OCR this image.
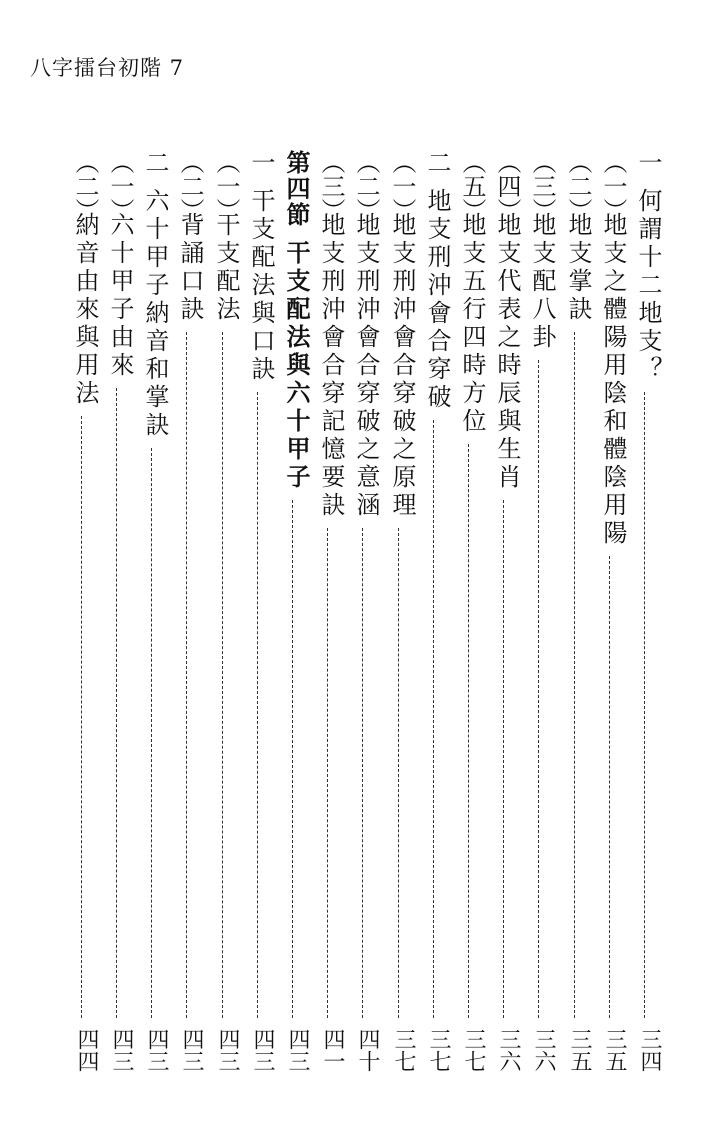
八字擂台初階 7
一
何謂十二地支？
三四
（一）
地支之體陽用陰和體陰用陽
三五
（二）
地支掌訣
三五
（三）
地支配八卦
三六
（四）
地支代表之時辰與生肖
三六
（五）
地支五行四時方位
三七
二
地支刑沖會合穿破
三七
（一）
地支刑沖會合穿破之原理
三七
（二）
地支刑沖會合穿破之意涵
四十
（三）
地支刑沖會合穿記憶要訣
四一
第四節
干支配法與六十甲子
四三
一
干支配法與口訣
四三
（一）
干支配法
四三
（二）
背誦口訣
四三
二
六十甲子納音和掌訣
四三
（一）
六十甲子由來
四三
（二）
納音由來與用法
四四
